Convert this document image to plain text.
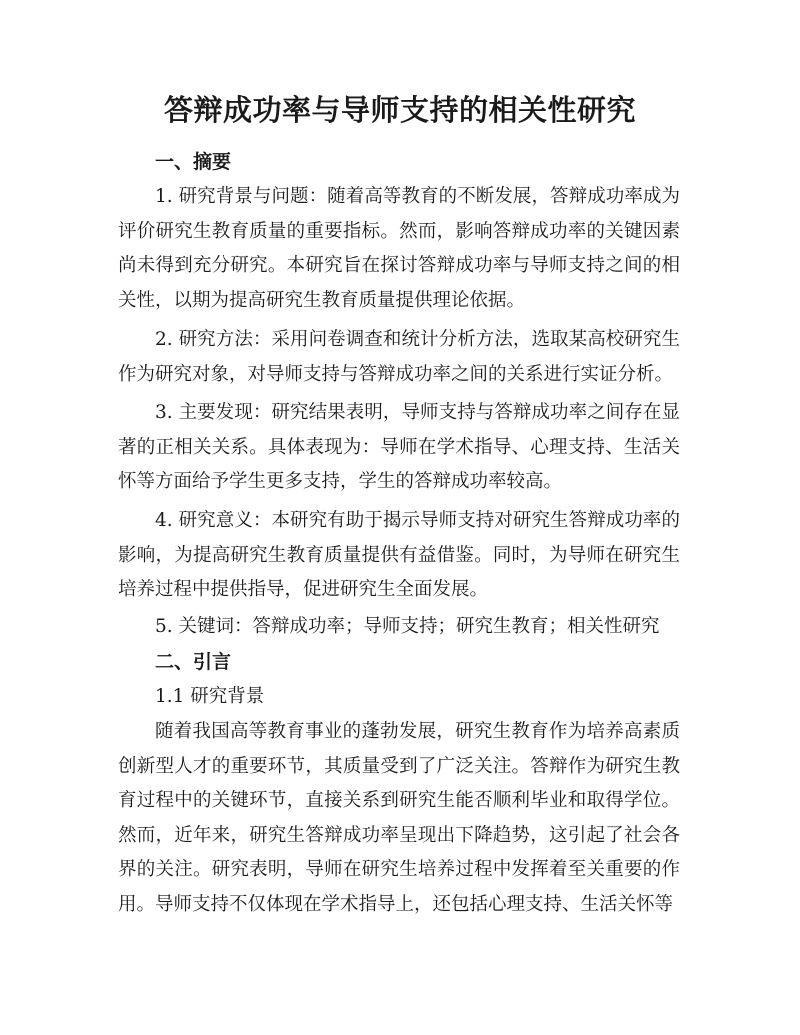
答辩成功率与导师支持的相关性研究
一、摘要

1. 研究背景与问题：随着高等教育的不断发展，答辩成功率成为评价研究生教育质量的重要指标。然而，影响答辩成功率的关键因素尚未得到充分研究。本研究旨在探讨答辩成功率与导师支持之间的相关性，以期为提高研究生教育质量提供理论依据。

2. 研究方法：采用问卷调查和统计分析方法，选取某高校研究生作为研究对象，对导师支持与答辩成功率之间的关系进行实证分析。

3. 主要发现：研究结果表明，导师支持与答辩成功率之间存在显著的正相关关系。具体表现为：导师在学术指导、心理支持、生活关怀等方面给予学生更多支持，学生的答辩成功率较高。

4. 研究意义：本研究有助于揭示导师支持对研究生答辩成功率的影响，为提高研究生教育质量提供有益借鉴。同时，为导师在研究生培养过程中提供指导，促进研究生全面发展。

5. 关键词：答辩成功率；导师支持；研究生教育；相关性研究

二、引言
1.1 研究背景

随着我国高等教育事业的蓬勃发展，研究生教育作为培养高素质创新型人才的重要环节，其质量受到了广泛关注。答辩作为研究生教育过程中的关键环节，直接关系到研究生能否顺利毕业和取得学位。然而，近年来，研究生答辩成功率呈现出下降趋势，这引起了社会各界的关注。研究表明，导师在研究生培养过程中发挥着至关重要的作用。导师支持不仅体现在学术指导上，还包括心理支持、生活关怀等
